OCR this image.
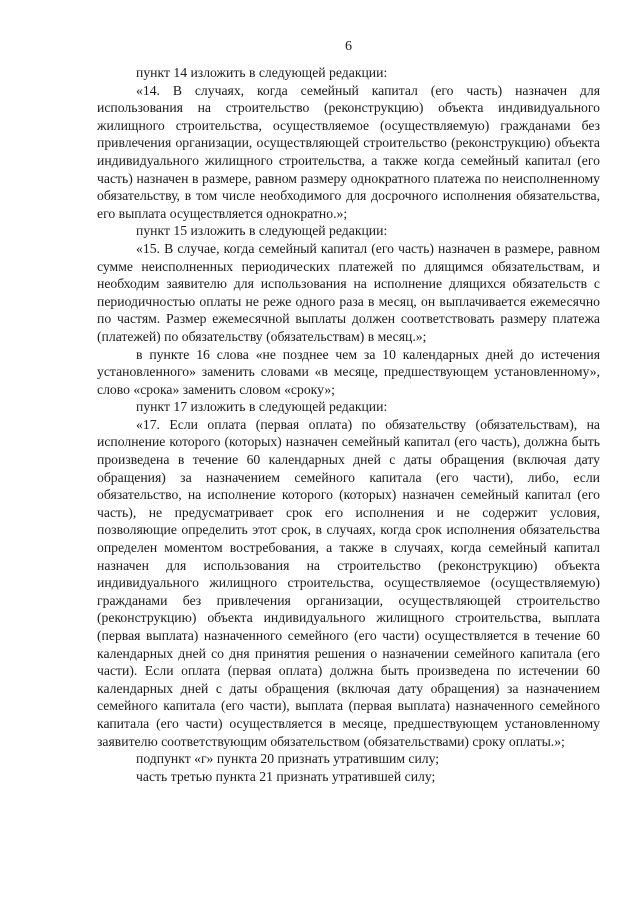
6

пункт 14 изложить в следующей редакции:

«14. В случаях, когда семейный капитал (его часть) назначен для использования на строительство (реконструкцию) объекта индивидуального жилищного строительства, осуществляемое (осуществляемую) гражданами без привлечения организации, осуществляющей строительство (реконструкцию) объекта индивидуального жилищного строительства, а также когда семейный капитал (его часть) назначен в размере, равном размеру однократного платежа по неисполненному обязательству, в том числе необходимого для досрочного исполнения обязательства, его выплата осуществляется однократно.»;

пункт 15 изложить в следующей редакции:

«15. В случае, когда семейный капитал (его часть) назначен в размере, равном сумме неисполненных периодических платежей по длящимся обязательствам, и необходим заявителю для использования на исполнение длящихся обязательств с периодичностью оплаты не реже одного раза в месяц, он выплачивается ежемесячно по частям. Размер ежемесячной выплаты должен соответствовать размеру платежа (платежей) по обязательству (обязательствам) в месяц.»;

в пункте 16 слова «не позднее чем за 10 календарных дней до истечения установленного» заменить словами «в месяце, предшествующем установленному», слово «срока» заменить словом «сроку»;

пункт 17 изложить в следующей редакции:

«17. Если оплата (первая оплата) по обязательству (обязательствам), на исполнение которого (которых) назначен семейный капитал (его часть), должна быть произведена в течение 60 календарных дней с даты обращения (включая дату обращения) за назначением семейного капитала (его части), либо, если обязательство, на исполнение которого (которых) назначен семейный капитал (его часть), не предусматривает срок его исполнения и не содержит условия, позволяющие определить этот срок, в случаях, когда срок исполнения обязательства определен моментом востребования, а также в случаях, когда семейный капитал назначен для использования на строительство (реконструкцию) объекта индивидуального жилищного строительства, осуществляемое (осуществляемую) гражданами без привлечения организации, осуществляющей строительство (реконструкцию) объекта индивидуального жилищного строительства, выплата (первая выплата) назначенного семейного (его части) осуществляется в течение 60 календарных дней со дня принятия решения о назначении семейного капитала (его части). Если оплата (первая оплата) должна быть произведена по истечении 60 календарных дней с даты обращения (включая дату обращения) за назначением семейного капитала (его части), выплата (первая выплата) назначенного семейного капитала (его части) осуществляется в месяце, предшествующем установленному заявителю соответствующим обязательством (обязательствами) сроку оплаты.»;

подпункт «г» пункта 20 признать утратившим силу;

часть третью пункта 21 признать утратившей силу;
